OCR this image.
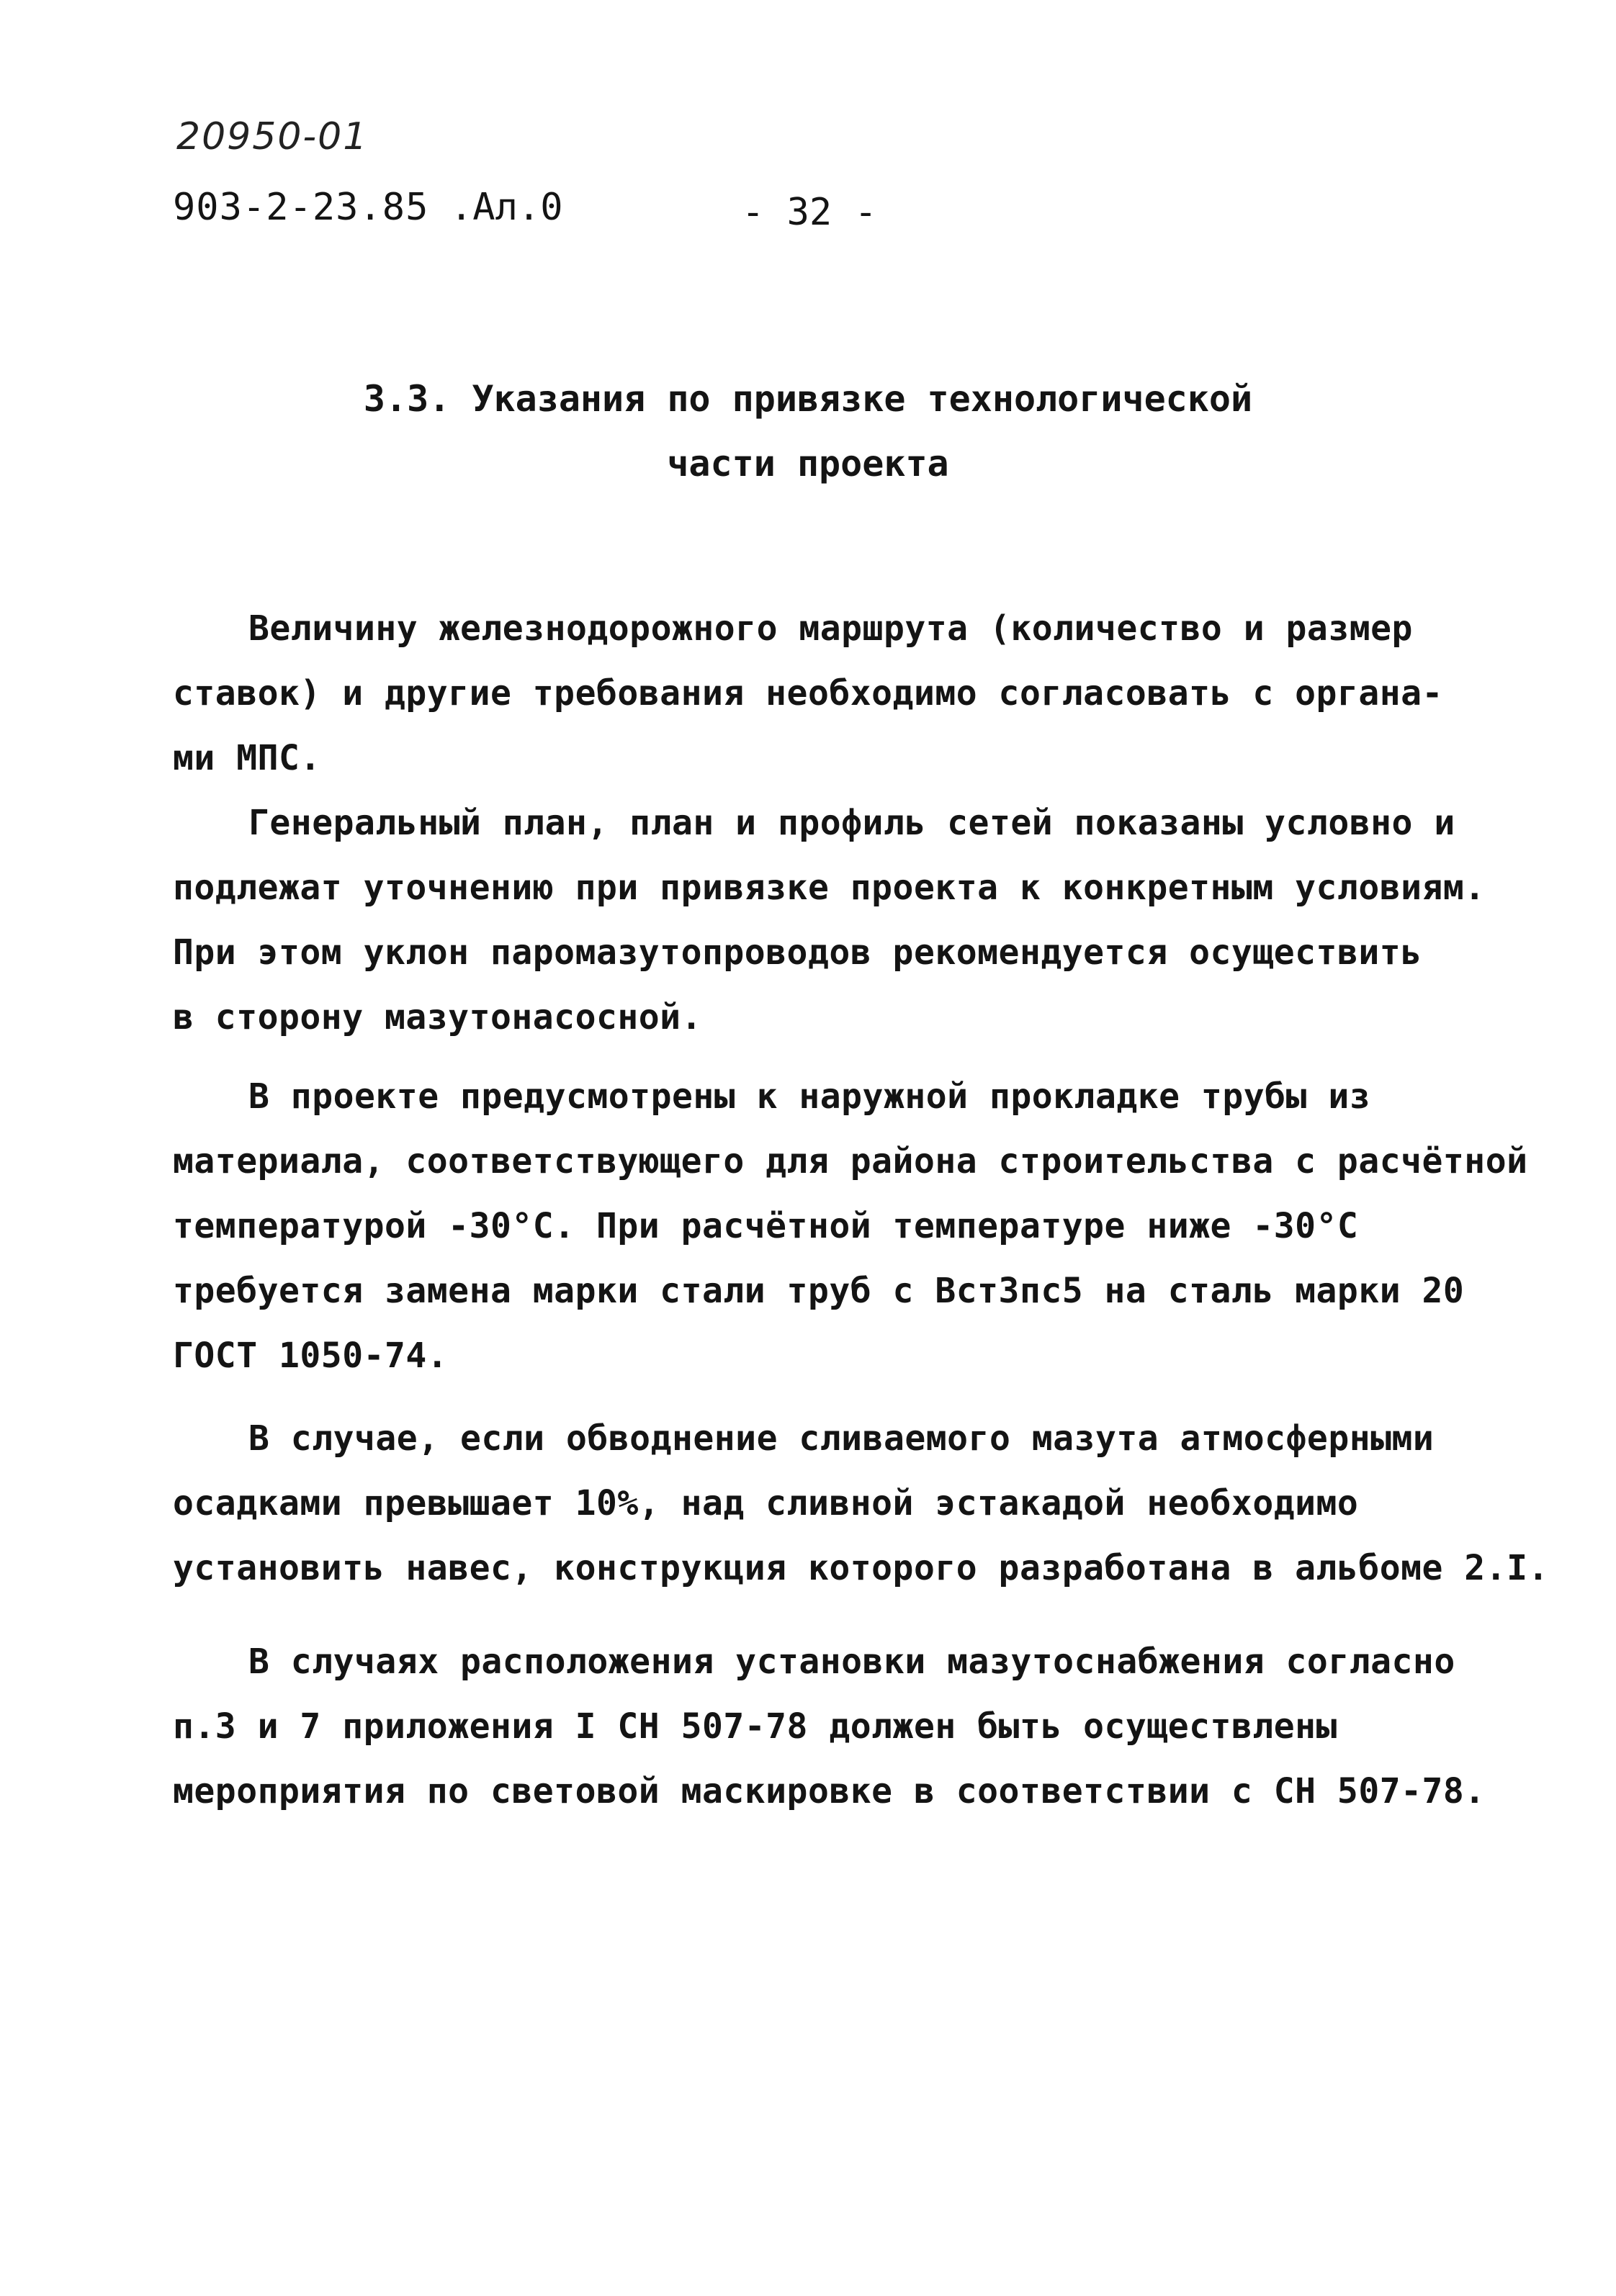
20950-01
903-2-23.85 .Ал.0	- 32 -
3.3. Указания по привязке технологической
части проекта
Величину железнодорожного маршрута (количество и размер
ставок) и другие требования необходимо согласовать с органа-
ми МПС.
Генеральный план, план и профиль сетей показаны условно и
подлежат уточнению при привязке проекта к конкретным условиям.
При этом уклон паромазутопроводов рекомендуется осуществить
в сторону мазутонасосной.
В проекте предусмотрены к наружной прокладке трубы из
материала, соответствующего для района строительства с расчётной
температурой -30°С. При расчётной температуре ниже -30°С
требуется замена марки стали труб с Вст3пс5 на сталь марки 20
ГОСТ 1050-74.
В случае, если обводнение сливаемого мазута атмосферными
осадками превышает 10%, над сливной эстакадой необходимо
установить навес, конструкция которого разработана в альбоме 2.I.
В случаях расположения установки мазутоснабжения согласно
п.3 и 7 приложения I СН 507-78 должен быть осуществлены
мероприятия по световой маскировке в соответствии с СН 507-78.
